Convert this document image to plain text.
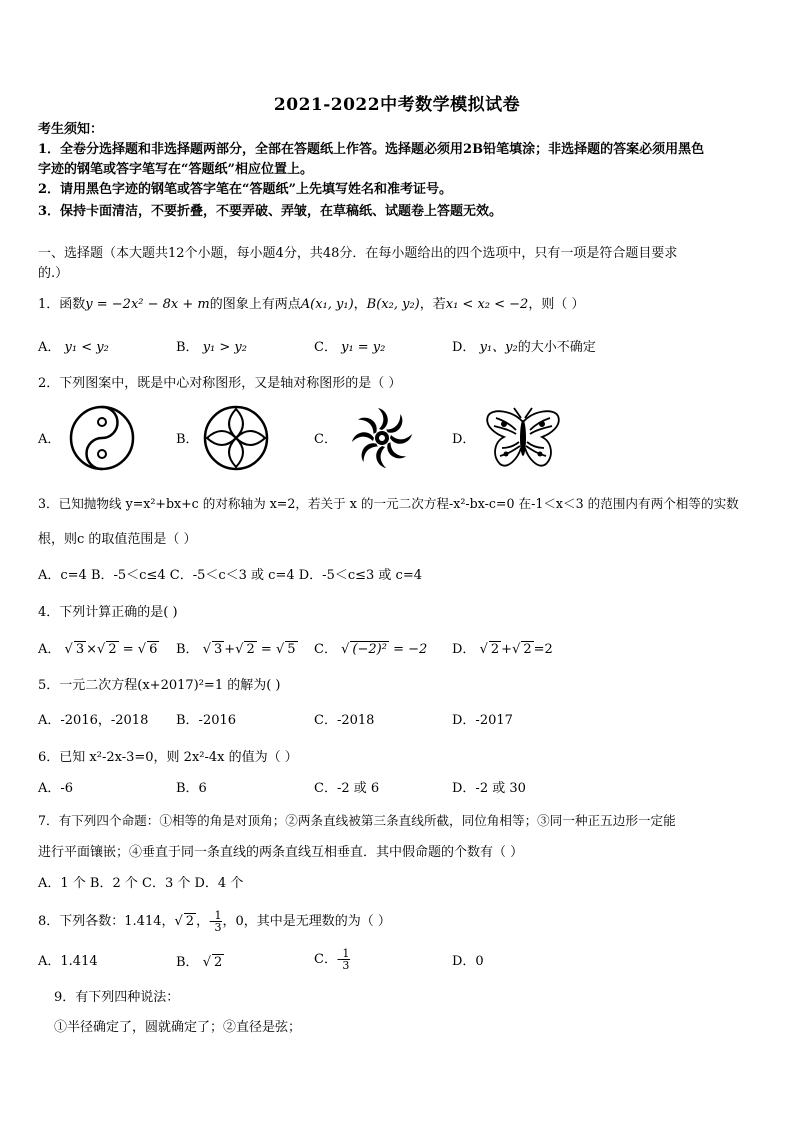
2021-2022中考数学模拟试卷
考生须知：
1．全卷分选择题和非选择题两部分，全部在答题纸上作答。选择题必须用2B铅笔填涂；非选择题的答案必须用黑色
字迹的钢笔或答字笔写在“答题纸”相应位置上。
2．请用黑色字迹的钢笔或答字笔在“答题纸”上先填写姓名和准考证号。
3．保持卡面清洁，不要折叠，不要弄破、弄皱，在草稿纸、试题卷上答题无效。
一、选择题（本大题共12个小题，每小题4分，共48分．在每小题给出的四个选项中，只有一项是符合题目要求
的.）
1．函数y = −2x² − 8x + m的图象上有两点A(x₁, y₁)，B(x₂, y₂)，若x₁ < x₂ < −2，则（ ）
A． y₁ < y₂	B． y₁ > y₂	C． y₁ = y₂	D． y₁、y₂的大小不确定
2．下列图案中，既是中心对称图形，又是轴对称图形的是（ ）
A．	B．	C．	D．
3．已知抛物线 y=x²+bx+c 的对称轴为 x=2，若关于 x 的一元二次方程-x²-bx-c=0 在-1＜x＜3 的范围内有两个相等的实数
根，则c 的取值范围是（ ）
A．c=4 B．-5＜c≤4 C．-5＜c＜3 或 c=4 D．-5＜c≤3 或 c=4
4．下列计算正确的是( )
A． √ 3 ×√ 2 = √ 6 B． √ 3 +√ 2 = √ 5 C． √ (−2)² = −2 D． √ 2 +√ 2 =2
5．一元二次方程(x+2017)²=1 的解为( )
A．-2016，-2018 B．-2016	C．-2018	D．-2017
6．已知 x²-2x-3=0，则 2x²-4x 的值为（ ）
A．-6	B．6	C．-2 或 6	D．-2 或 30
7．有下列四个命题：①相等的角是对顶角；②两条直线被第三条直线所截，同位角相等；③同一种正五边形一定能
进行平面镶嵌；④垂直于同一条直线的两条直线互相垂直．其中假命题的个数有（ ）
A．1 个 B．2 个 C．3 个 D．4 个
8．下列各数：1.414，√ 2 ，- $\frac{1}{3}$ ，0，其中是无理数的为（ ）
A．1.414	B． √ 2	C．- $\frac{1}{3}$	D．0
9．有下列四种说法：
①半径确定了，圆就确定了；②直径是弦；
